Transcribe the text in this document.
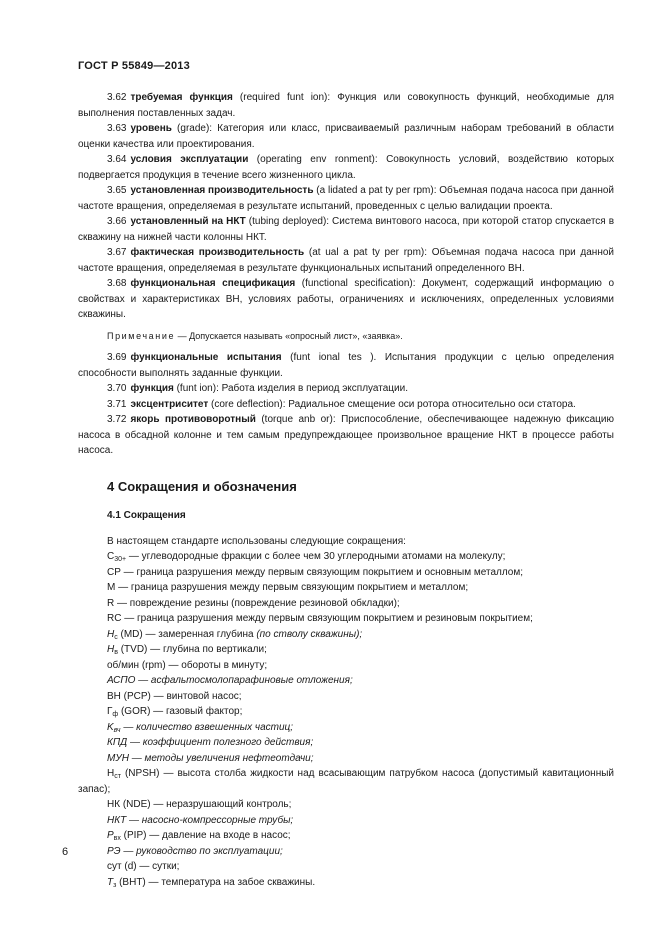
ГОСТ Р 55849—2013
3.62 требуемая функция (required funt ion): Функция или совокупность функций, необходимые для выполнения поставленных задач.
3.63 уровень (grade): Категория или класс, присваиваемый различным наборам требований в области оценки качества или проектирования.
3.64 условия эксплуатации (operating env ronment): Совокупность условий, воздействию которых подвергается продукция в течение всего жизненного цикла.
3.65 установленная производительность (a lidated a pat ty per rpm): Объемная подача насоса при данной частоте вращения, определяемая в результате испытаний, проведенных с целью валидации проекта.
3.66 установленный на НКТ (tubing deployed): Система винтового насоса, при которой статор спускается в скважину на нижней части колонны НКТ.
3.67 фактическая производительность (at ual a pat ty per rpm): Объемная подача насоса при данной частоте вращения, определяемая в результате функциональных испытаний определенного ВН.
3.68 функциональная спецификация (functional specification): Документ, содержащий информацию о свойствах и характеристиках ВН, условиях работы, ограничениях и исключениях, определенных условиями скважины.
Примечание — Допускается называть «опросный лист», «заявка».
3.69 функциональные испытания (funt ional tes ). Испытания продукции с целью определения способности выполнять заданные функции.
3.70 функция (funt ion): Работа изделия в период эксплуатации.
3.71 эксцентриситет (core deflection): Радиальное смещение оси ротора относительно оси статора.
3.72 якорь противоворотный (torque anb or): Приспособление, обеспечивающее надежную фиксацию насоса в обсадной колонне и тем самым предупреждающее произвольное вращение НКТ в процессе работы насоса.
4 Сокращения и обозначения
4.1 Сокращения
В настоящем стандарте использованы следующие сокращения:
$С_{30+}$ — углеводородные фракции с более чем 30 углеродными атомами на молекулу;
СР — граница разрушения между первым связующим покрытием и основным металлом;
М — граница разрушения между первым связующим покрытием и металлом;
R — повреждение резины (повреждение резиновой обкладки);
RC — граница разрушения между первым связующим покрытием и резиновым покрытием;
$H_c$ (MD) — замеренная глубина (по стволу скважины);
$H_в$ (TVD) — глубина по вертикали;
об/мин (rpm) — обороты в минуту;
АСПО — асфальтосмолопарафиновые отложения;
ВН (PCP) — винтовой насос;
$Г_ф$ (GOR) — газовый фактор;
$K_{вч}$ — количество взвешенных частиц;
КПД — коэффициент полезного действия;
МУН — методы увеличения нефтеотдачи;
$H_{ст}$ (NPSH) — высота столба жидкости над всасывающим патрубком насоса (допустимый кавитационный запас);
НК (NDE) — неразрушающий контроль;
НКТ — насосно-компрессорные трубы;
$P_{вх}$ (PIP) — давление на входе в насос;
РЭ — руководство по эксплуатации;
сут (d) — сутки;
$T_з$ (BHT) — температура на забое скважины.
6
